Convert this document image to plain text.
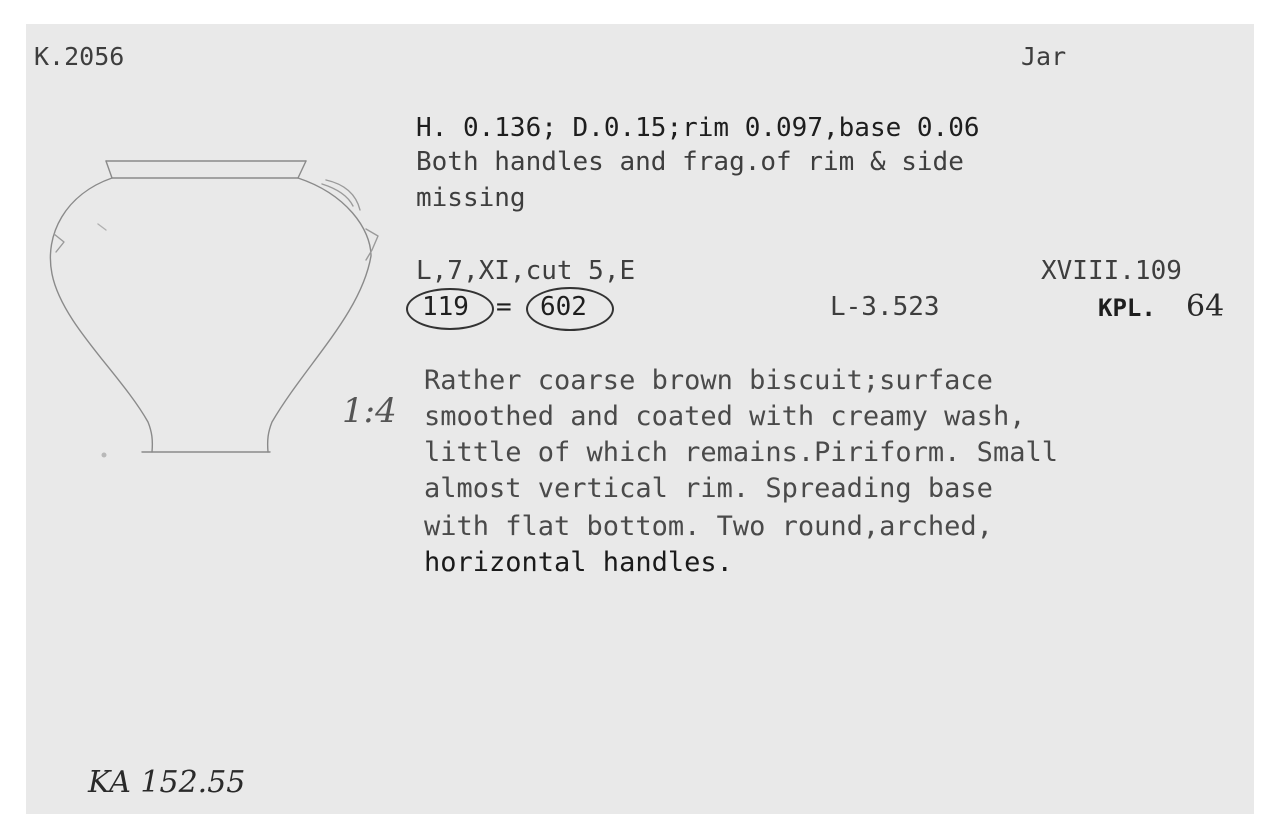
K.2056	Jar
H. 0.136; D.0.15;rim 0.097,base 0.06
Both handles and frag.of rim & side
missing
L,7,XI,cut 5,E	XVIII.109
119 = 602	L-3.523	KPL. 64
1:4
Rather coarse brown biscuit;surface
smoothed and coated with creamy wash,
little of which remains.Piriform. Small
almost vertical rim. Spreading base
with flat bottom. Two round,arched,
horizontal handles.
KA 152.55
